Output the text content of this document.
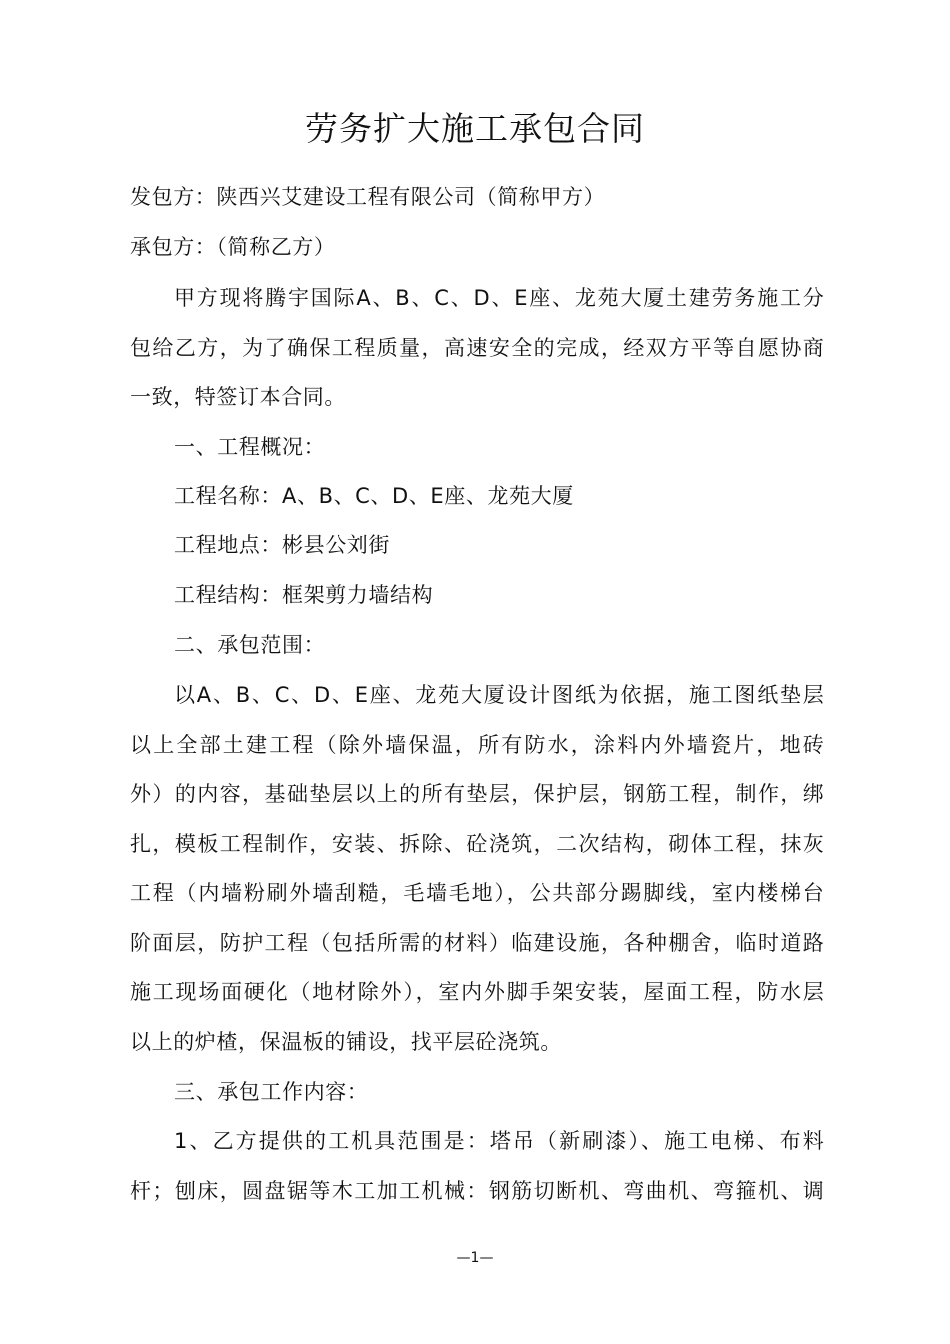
劳务扩大施工承包合同
发包方：陕西兴艾建设工程有限公司（简称甲方）
承包方：（简称乙方）
甲方现将腾宇国际A、B、C、D、E座、龙苑大厦土建劳务施工分
包给乙方，为了确保工程质量，高速安全的完成，经双方平等自愿协商
一致，特签订本合同。
一、工程概况：
工程名称：A、B、C、D、E座、龙苑大厦
工程地点：彬县公刘街
工程结构：框架剪力墙结构
二、承包范围：
以A、B、C、D、E座、龙苑大厦设计图纸为依据，施工图纸垫层
以上全部土建工程（除外墙保温，所有防水，涂料内外墙瓷片，地砖
外）的内容，基础垫层以上的所有垫层，保护层，钢筋工程，制作，绑
扎，模板工程制作，安装、拆除、砼浇筑，二次结构，砌体工程，抹灰
工程（内墙粉刷外墙刮糙，毛墙毛地），公共部分踢脚线，室内楼梯台
阶面层，防护工程（包括所需的材料）临建设施，各种棚舍，临时道路
施工现场面硬化（地材除外），室内外脚手架安装，屋面工程，防水层
以上的炉楂，保温板的铺设，找平层砼浇筑。
三、承包工作内容：
1、乙方提供的工机具范围是：塔吊（新刷漆）、施工电梯、布料
杆；刨床，圆盘锯等木工加工机械：钢筋切断机、弯曲机、弯箍机、调
—1—
